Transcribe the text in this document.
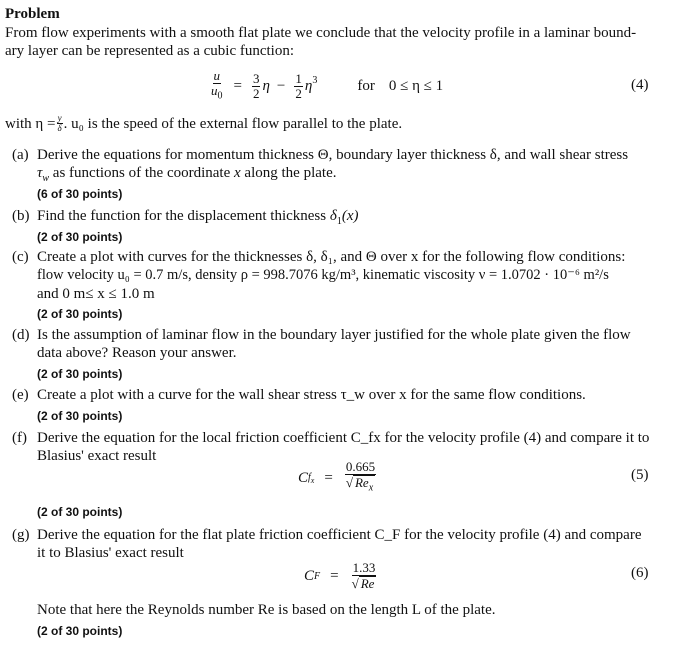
Problem
From flow experiments with a smooth flat plate we conclude that the velocity profile in a laminar bound-
ary layer can be represented as a cubic function:
$\frac{u}{u_0} = \frac{3}{2}$ $\eta - \frac{1}{2} \eta^3$	for 0 ≤ η ≤ 1	(4)
with $\eta = \frac{y}{\delta}$ . u₀ is the speed of the external flow parallel to the plate.
(a) Derive the equations for momentum thickness Θ, boundary layer thickness δ, and wall shear stress
$\tau_w$ as functions of the coordinate x along the plate.
(6 of 30 points)
(b) Find the function for the displacement thickness $\delta_1(x)$
(2 of 30 points)
(c) Create a plot with curves for the thicknesses δ, δ₁, and Θ over x for the following flow conditions:
flow velocity u₀ = 0.7 m/s, density ρ = 998.7076 kg/m³, kinematic viscosity ν = 1.0702 · 10⁻⁶ m²/s
and 0 m≤ x ≤ 1.0 m
(2 of 30 points)
(d) Is the assumption of laminar flow in the boundary layer justified for the whole plate given the flow
data above? Reason your answer.
(2 of 30 points)
(e) Create a plot with a curve for the wall shear stress τ_w over x for the same flow conditions.
(2 of 30 points)
(f) Derive the equation for the local friction coefficient C_fx for the velocity profile (4) and compare it to
Blasius' exact result
C $f_x = \frac{0.665}{√ Re_x}$	(5)
(2 of 30 points)
(g) Derive the equation for the flat plate friction coefficient C_F for the velocity profile (4) and compare
it to Blasius' exact result
C $F = \frac{1.33}{√ Re}$	(6)
Note that here the Reynolds number Re is based on the length L of the plate.
(2 of 30 points)
